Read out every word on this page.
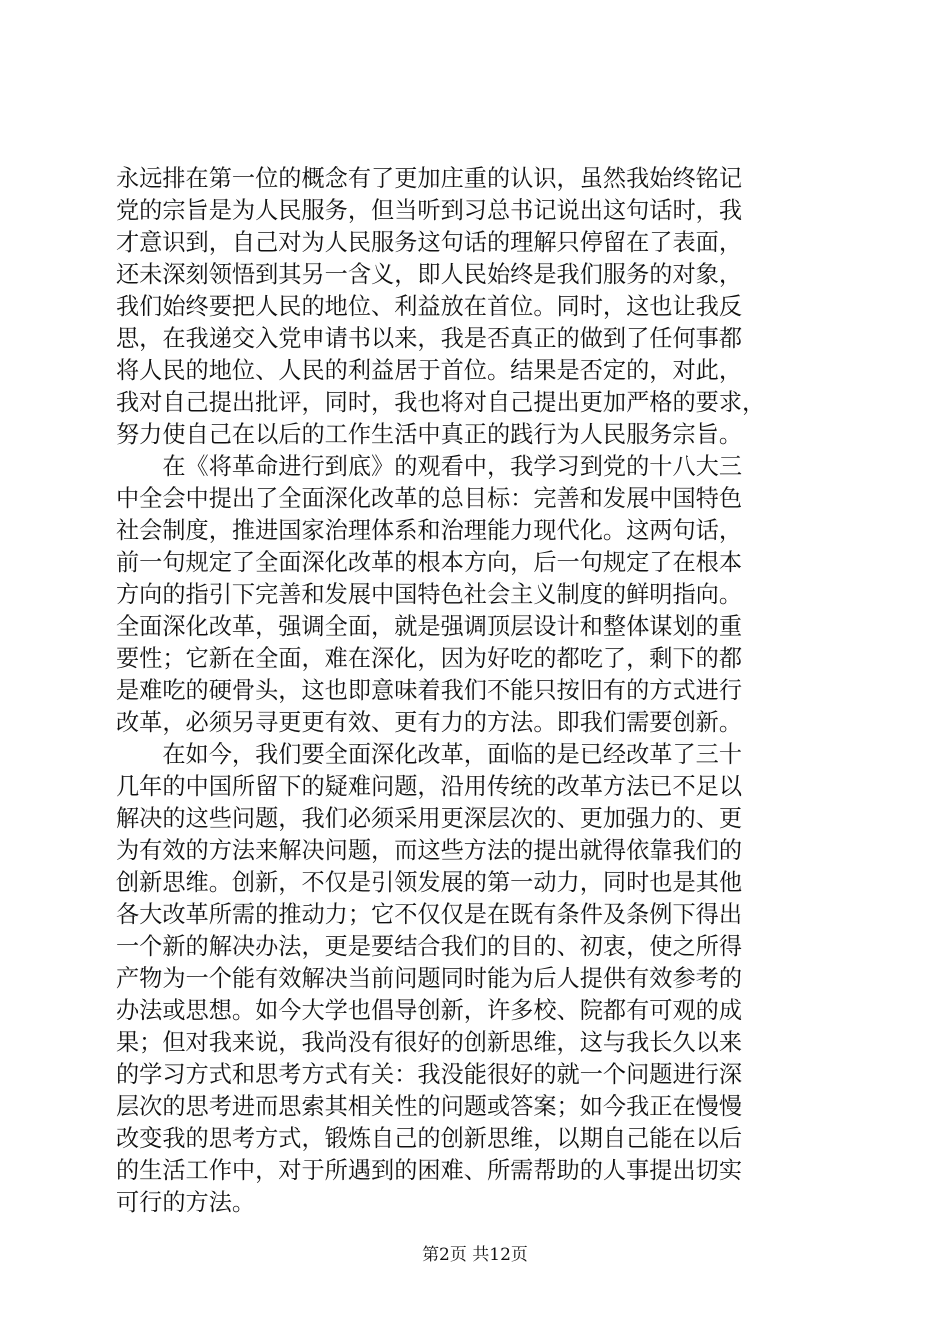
永远排在第一位的概念有了更加庄重的认识，虽然我始终铭记
党的宗旨是为人民服务，但当听到习总书记说出这句话时，我
才意识到，自己对为人民服务这句话的理解只停留在了表面，
还未深刻领悟到其另一含义，即人民始终是我们服务的对象，
我们始终要把人民的地位、利益放在首位。同时，这也让我反
思，在我递交入党申请书以来，我是否真正的做到了任何事都
将人民的地位、人民的利益居于首位。结果是否定的，对此，
我对自己提出批评，同时，我也将对自己提出更加严格的要求，
努力使自己在以后的工作生活中真正的践行为人民服务宗旨。
　　在《将革命进行到底》的观看中，我学习到党的十八大三
中全会中提出了全面深化改革的总目标：完善和发展中国特色
社会制度，推进国家治理体系和治理能力现代化。这两句话，
前一句规定了全面深化改革的根本方向，后一句规定了在根本
方向的指引下完善和发展中国特色社会主义制度的鲜明指向。
全面深化改革，强调全面，就是强调顶层设计和整体谋划的重
要性；它新在全面，难在深化，因为好吃的都吃了，剩下的都
是难吃的硬骨头，这也即意味着我们不能只按旧有的方式进行
改革，必须另寻更更有效、更有力的方法。即我们需要创新。
　　在如今，我们要全面深化改革，面临的是已经改革了三十
几年的中国所留下的疑难问题，沿用传统的改革方法已不足以
解决的这些问题，我们必须采用更深层次的、更加强力的、更
为有效的方法来解决问题，而这些方法的提出就得依靠我们的
创新思维。创新，不仅是引领发展的第一动力，同时也是其他
各大改革所需的推动力；它不仅仅是在既有条件及条例下得出
一个新的解决办法，更是要结合我们的目的、初衷，使之所得
产物为一个能有效解决当前问题同时能为后人提供有效参考的
办法或思想。如今大学也倡导创新，许多校、院都有可观的成
果；但对我来说，我尚没有很好的创新思维，这与我长久以来
的学习方式和思考方式有关：我没能很好的就一个问题进行深
层次的思考进而思索其相关性的问题或答案；如今我正在慢慢
改变我的思考方式，锻炼自己的创新思维，以期自己能在以后
的生活工作中，对于所遇到的困难、所需帮助的人事提出切实
可行的方法。
第2页 共12页
